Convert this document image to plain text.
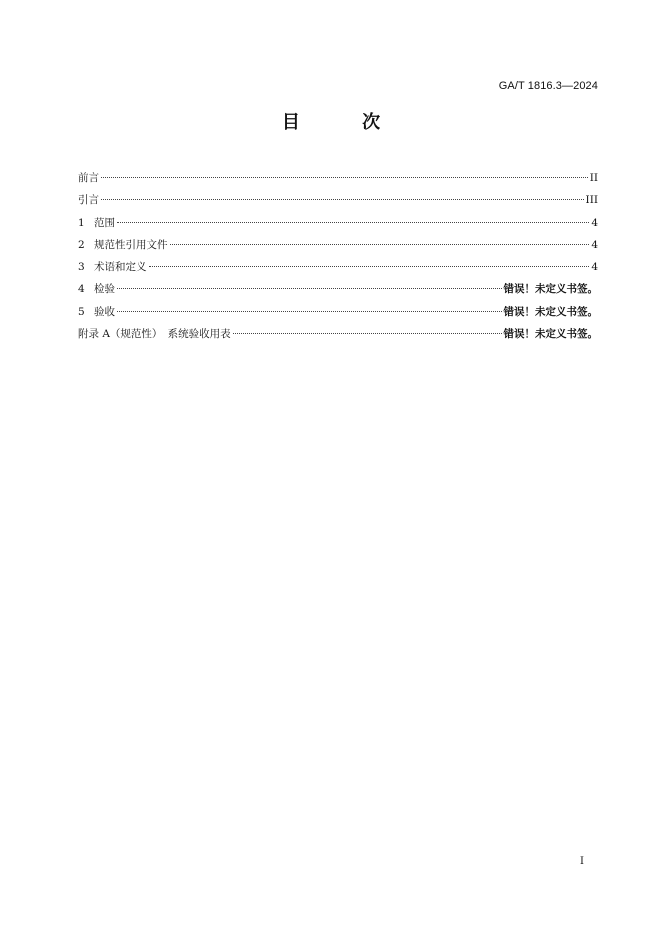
GA/T 1816.3—2024
目 次
前言	II
引言	III
1 范围	4
2 规范性引用文件	4
3 术语和定义	4
4 检验	错误！未定义书签。
5 验收	错误！未定义书签。
附录 A（规范性）　系统验收用表	错误！未定义书签。
I
